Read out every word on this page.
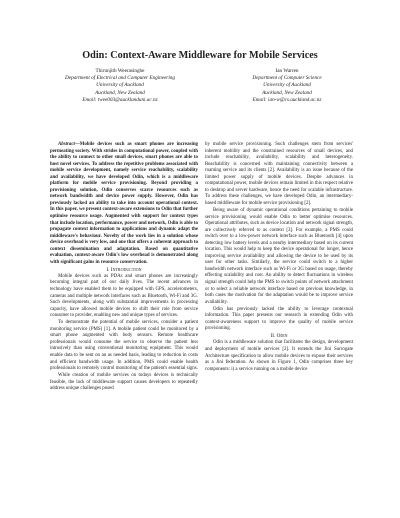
Odin: Context-Aware Middleware for Mobile Services
Thirunjith Weerasinghe
Department of Electrical and Computer Engineering
University of Auckland
Auckland, New Zealand
Email: twee003@aucklanduni.ac.nz
Ian Warren
Department of Computer Science
University of Auckland
Auckland, New Zealand
Email: ian-w@cs.auckland.ac.nz

Abstract—Mobile devices such as smart phones are increasing permeating society. With strides in computational power, coupled with the ability to connect to other small devices, smart phones are able to host novel services. To address the repetitive problems associated with mobile service development, namely service reachability, scalability and availability, we have developed Odin, which is a middleware platform for mobile service provisioning. Beyond providing a provisioning solution, Odin conserves scarce resources such as network bandwidth and device power supply. However, Odin has previously lacked an ability to take into account operational context. In this paper, we present context-aware extensions to Odin that further optimise resource usage. Augmented with support for context types that include location, performance, power and network, Odin is able to propagate context information to applications and dynamic adapt the middleware's behaviour. Novelty of the work lies in a solution whose device overhead is very low, and one that offers a coherent approach to context dissemination and adaptation. Based on quantitative evaluation, context-aware Odin's low overhead is demonstrated along with significant gains in resource conservation.

I. Introduction

Mobile devices such as PDAs and smart phones are increasingly becoming integral part of our daily lives. The recent advances in technology have enabled them to be equipped with GPS, accelerometers, cameras and multiple network interfaces such as Bluetooth, Wi-Fi and 3G. Such developments, along with substantial improvements in processing capacity, have allowed mobile devices to shift their role from service consumer to provider, enabling new and unique types of services.

To demonstrate the potential of mobile services, consider a patient monitoring service (PMS) [1]. A mobile patient could be monitored by a smart phone augmented with body sensors. Remote healthcare professionals would consume the service to observe the patient less intrusively than using conventional monitoring equipment. This would enable data to be sent on an as needed basis, leading to reduction in costs and efficient bandwidth usage. In addition, PMS could enable health professionals to remotely control monitoring of the patient's essential signs.

While creation of mobile services on todays devices is technically feasible, the lack of middleware support causes developers to repeatedly address unique challenges posed

by mobile service provisioning. Such challenges stem from services' inherent mobility and the constrained resources of small devices, and include reachability, availability, scalability and heterogeneity. Reachability is concerned with maintaining connectivity between a roaming service and its clients [2]. Availability is an issue because of the limited power supply of mobile devices. Despite advances in computational power, mobile devices remain limited in this respect relative to desktop and server hardware, hence the need for scalable infrastructure. To address these challenges, we have developed Odin, an intermediary-based middleware for mobile service provisioning [2].

Being aware of dynamic operational conditions pertaining to mobile service provisioning would enable Odin to better optimise resources. Operational attributes, such as device location and network signal strength, are collectively referred to as context [3]. For example, a PMS could switch over to a low-power network interface such as Bluetooth [4] upon detecting low battery levels and a nearby intermediary based on its current location. This would help to keep the device operational for longer, hence improving service availability and allowing the device to be used by its user for other tasks. Similarly, the service could switch to a higher bandwidth network interface such as Wi-Fi or 3G based on usage, thereby effecting scalability and cost. An ability to detect fluctuations in wireless signal strength could help the PMS to switch points of network attachment or to select a reliable network interface based on previous knowledge, in both cases the motivation for the adaptation would be to improve service availability.

Odin has previously lacked the ability to leverage contextual information. This paper presents our research in extending Odin with context-awareness support to improve the quality of mobile service provisioning.

II. Odin

Odin is a middleware solution that facilitates the design, development and deployment of mobile services [2]. It extends the Jini Surrogate Architecture specification to allow mobile devices to expose their services as a Jini federation. As shown in Figure 1, Odin comprises three key components: i) a service running on a mobile device
